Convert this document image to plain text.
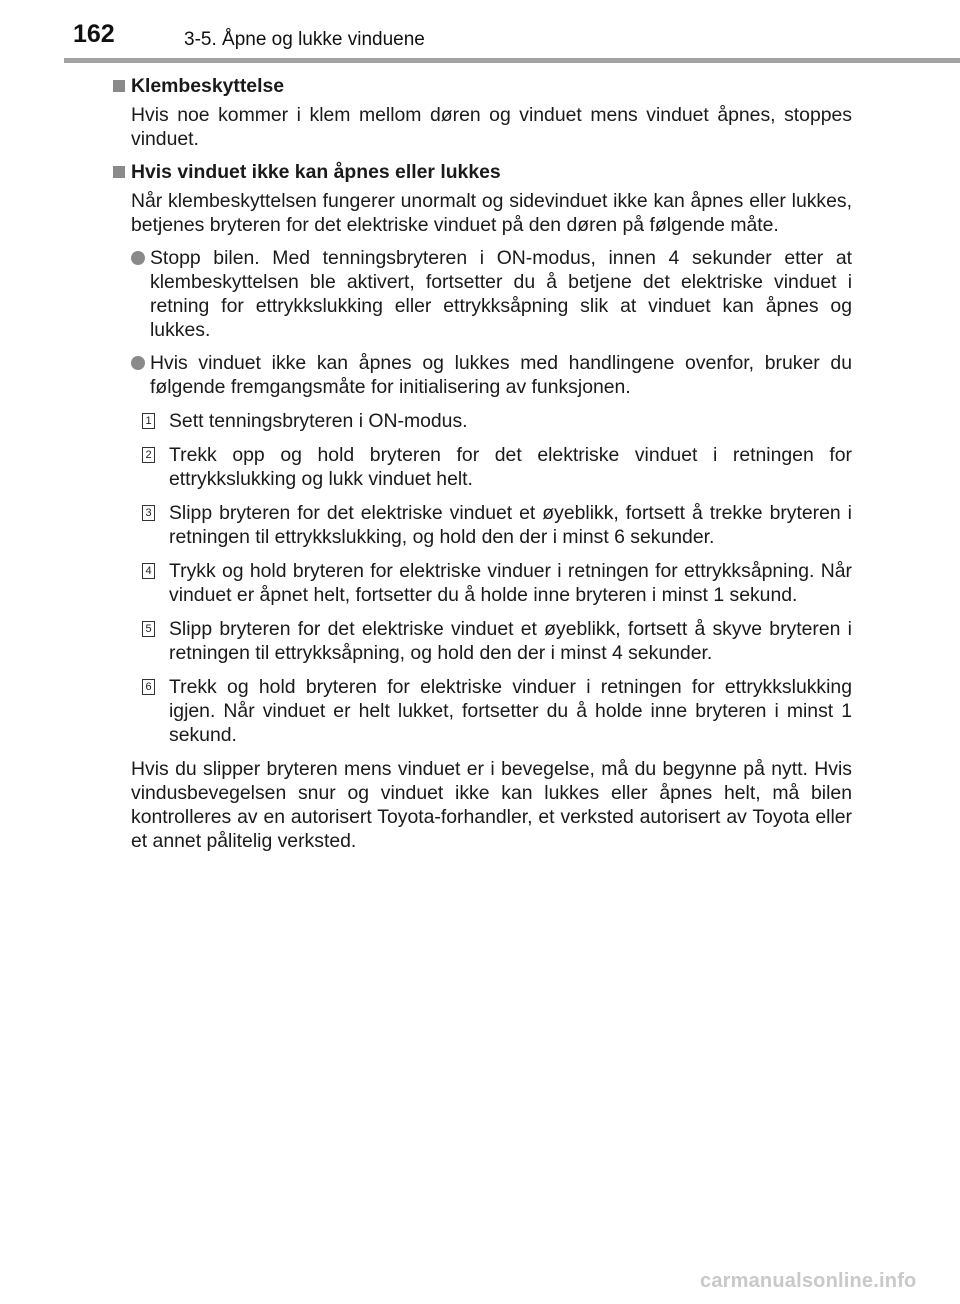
162	3-5. Åpne og lukke vinduene
Klembeskyttelse

Hvis noe kommer i klem mellom døren og vinduet mens vinduet åpnes, stoppes vinduet.

Hvis vinduet ikke kan åpnes eller lukkes

Når klembeskyttelsen fungerer unormalt og sidevinduet ikke kan åpnes eller lukkes, betjenes bryteren for det elektriske vinduet på den døren på følgende måte.

Stopp bilen. Med tenningsbryteren i ON-modus, innen 4 sekunder etter at klembeskyttelsen ble aktivert, fortsetter du å betjene det elektriske vinduet i retning for ettrykkslukking eller ettrykksåpning slik at vinduet kan åpnes og lukkes.
Hvis vinduet ikke kan åpnes og lukkes med handlingene ovenfor, bruker du følgende fremgangsmåte for initialisering av funksjonen.
1 Sett tenningsbryteren i ON-modus.
2 Trekk opp og hold bryteren for det elektriske vinduet i retningen for ettrykkslukking og lukk vinduet helt.
3 Slipp bryteren for det elektriske vinduet et øyeblikk, fortsett å trekke bryteren i retningen til ettrykkslukking, og hold den der i minst 6 sekunder.
4 Trykk og hold bryteren for elektriske vinduer i retningen for ettrykksåpning. Når vinduet er åpnet helt, fortsetter du å holde inne bryteren i minst 1 sekund.
5 Slipp bryteren for det elektriske vinduet et øyeblikk, fortsett å skyve bryteren i retningen til ettrykksåpning, og hold den der i minst 4 sekunder.
6 Trekk og hold bryteren for elektriske vinduer i retningen for ettrykkslukking igjen. Når vinduet er helt lukket, fortsetter du å holde inne bryteren i minst 1 sekund.

Hvis du slipper bryteren mens vinduet er i bevegelse, må du begynne på nytt. Hvis vindusbevegelsen snur og vinduet ikke kan lukkes eller åpnes helt, må bilen kontrolleres av en autorisert Toyota-forhandler, et verksted autorisert av Toyota eller et annet pålitelig verksted.

carmanualsonline.info
